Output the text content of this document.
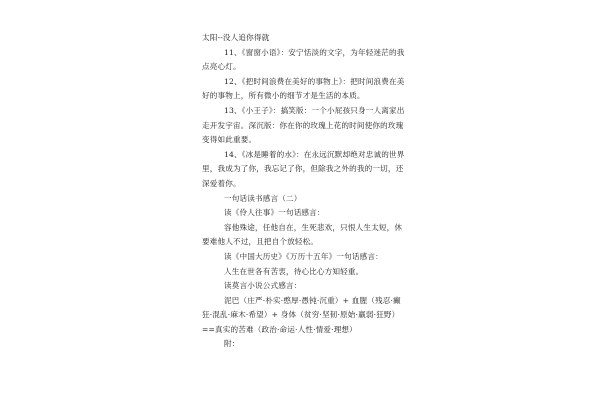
太阳--没人追你得就

11、《窗窗小语》：安宁恬淡的文字，为年轻迷茫的我点亮心灯。

12、《把时间浪费在美好的事物上》：把时间浪费在美好的事物上，所有微小的细节才是生活的本质。

13、《小王子》：搞笑版：一个小屁孩只身一人离家出走开发宇宙。深沉版：你在你的玫瑰上花的时间使你的玫瑰变得如此重要。

14、《冰是睡着的水》：在永远沉默却绝对忠诚的世界里，我成为了你，我忘记了你，但除我之外的我的一切，还深爱着你。

一句话读书感言（二）

读《伶人往事》一句话感言：

容他殊途，任他自在，生死悲欢，只恨人生太短，休要难他人不过，且把自个放轻松。

读《中国大历史》《万历十五年》一句话感言：

人生在世各有苦衷，待心比心方知轻重。

读莫言小说公式感言：

泥巴（庄严·朴实·憨厚·愚钝·沉重）+ 血腥（残忍·癫狂·混乱·麻木·希望）+ 身体（贫穷·坚韧·原始·羸弱·狂野）==真实的苦难（政治·命运·人性·情爱·理想）

附：
